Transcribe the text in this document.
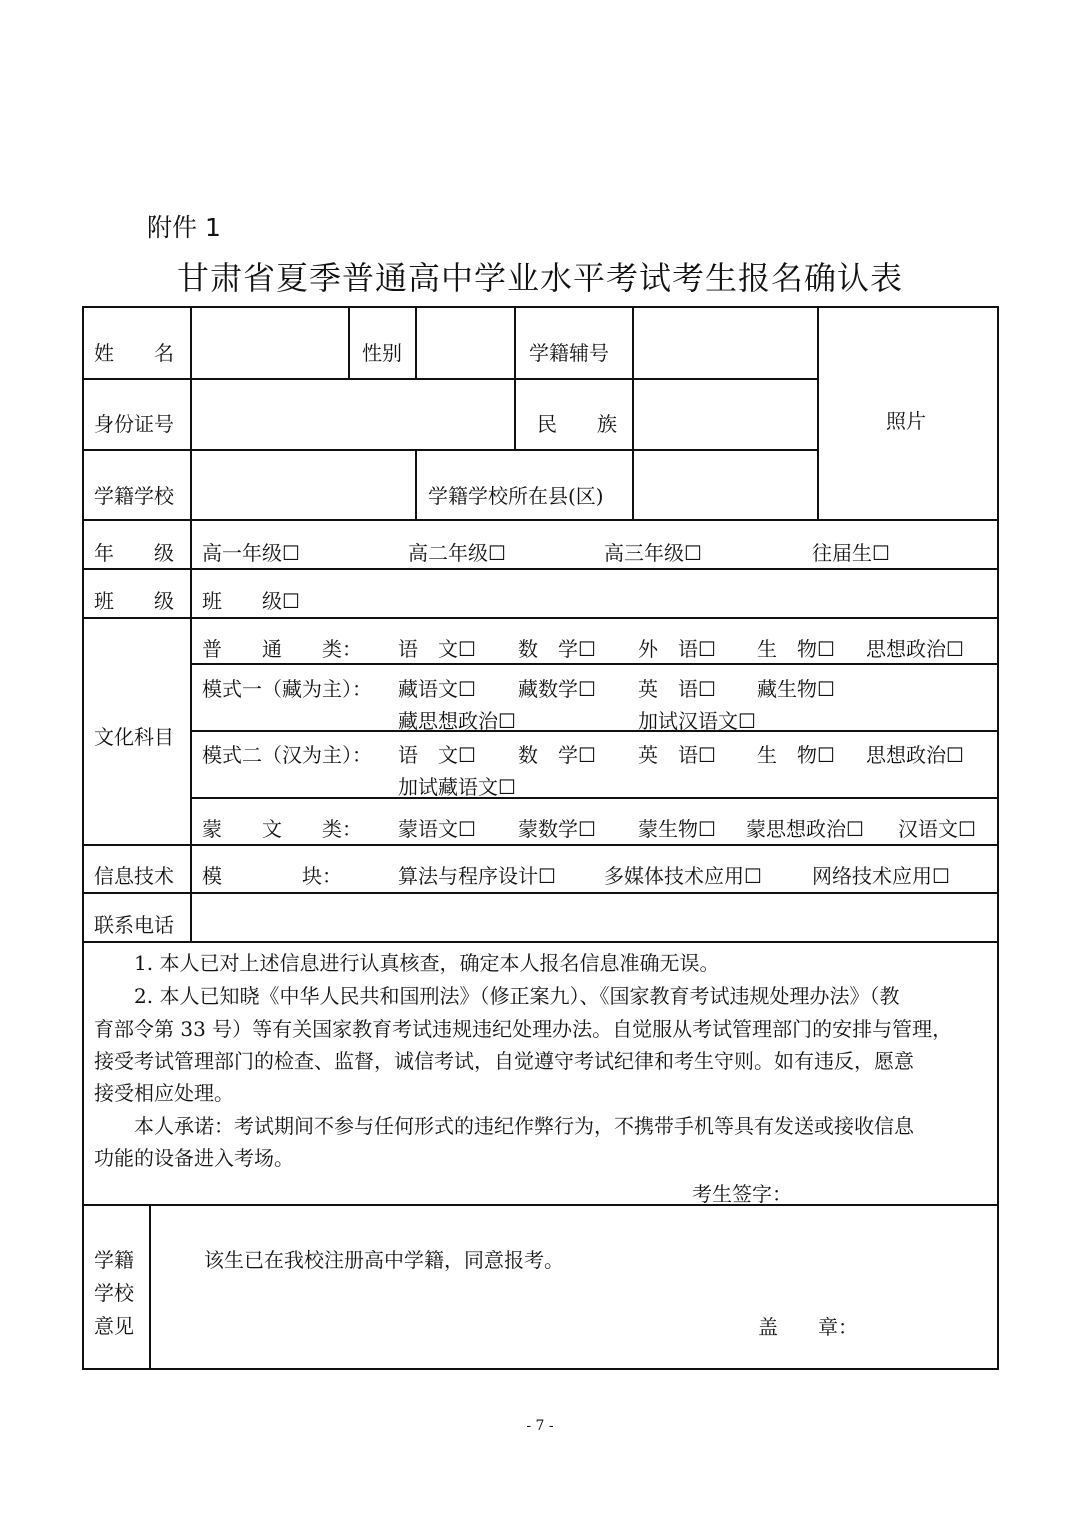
附件 1
甘肃省夏季普通高中学业水平考试考生报名确认表
姓　　名	性别	学籍辅号
照片
身份证号	民　　族
学籍学校	学籍学校所在县(区)
年　　级 高一年级☐	高二年级☐	高三年级☐	往届生☐
班　　级 班　　级☐
文化科目
普　　通　　类： 语　文☐ 数　学☐ 外　语☐ 生　物☐ 思想政治☐
模式一（藏为主）： 藏语文☐ 藏数学☐ 英　语☐ 藏生物☐
藏思想政治☐	加试汉语文☐
模式二（汉为主）： 语　文☐ 数　学☐ 英　语☐ 生　物☐ 思想政治☐
加试藏语文☐
蒙　　文　　类： 蒙语文☐ 蒙数学☐ 蒙生物☐ 蒙思想政治☐ 汉语文☐
信息技术 模　　　　块：	算法与程序设计☐ 多媒体技术应用☐	网络技术应用☐
联系电话
1. 本人已对上述信息进行认真核查，确定本人报名信息准确无误。
2. 本人已知晓《中华人民共和国刑法》（修正案九）、《国家教育考试违规处理办法》（教
育部令第 33 号）等有关国家教育考试违规违纪处理办法。自觉服从考试管理部门的安排与管理，
接受考试管理部门的检查、监督，诚信考试，自觉遵守考试纪律和考生守则。如有违反，愿意
接受相应处理。
本人承诺：考试期间不参与任何形式的违纪作弊行为，不携带手机等具有发送或接收信息
功能的设备进入考场。
考生签字：
学籍
学校
意见
该生已在我校注册高中学籍，同意报考。
盖　　章：
- 7 -
